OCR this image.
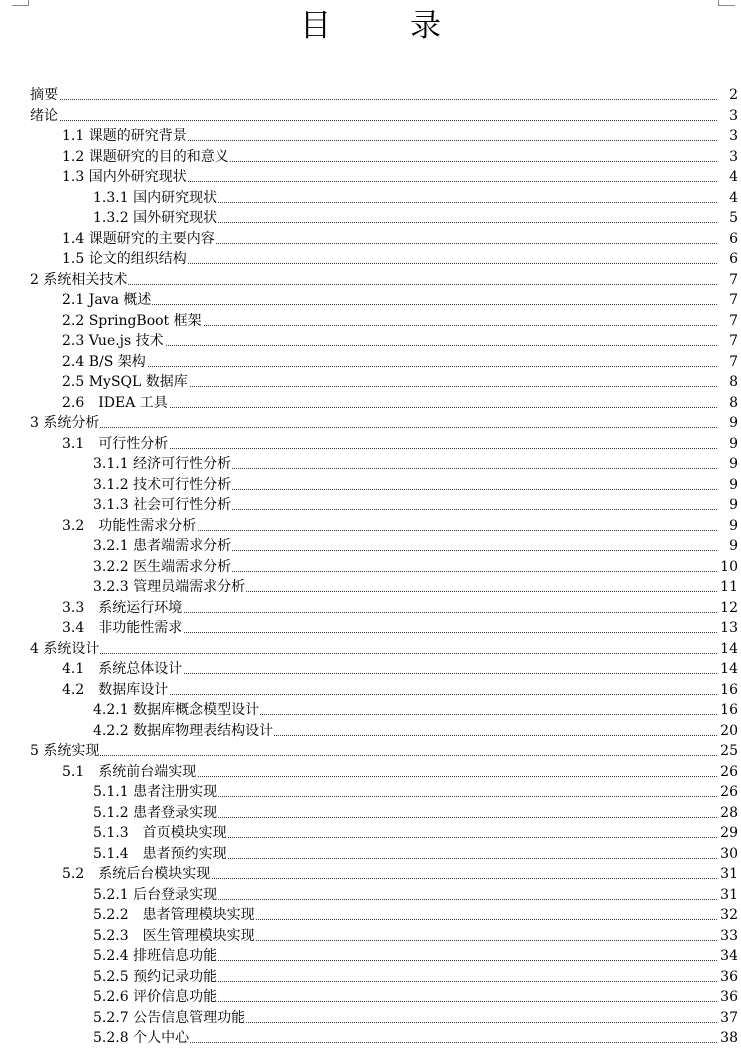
目　录
摘要	2
绪论	3
1.1 课题的研究背景	3
1.2 课题研究的目的和意义	3
1.3 国内外研究现状	4
1.3.1 国内研究现状	4
1.3.2 国外研究现状	5
1.4 课题研究的主要内容	6
1.5 论文的组织结构	6
2 系统相关技术	7
2.1 Java 概述	7
2.2 SpringBoot 框架	7
2.3 Vue.js 技术	7
2.4 B/S 架构	7
2.5 MySQL 数据库	8
2.6　IDEA 工具	8
3 系统分析	9
3.1　可行性分析	9
3.1.1 经济可行性分析	9
3.1.2 技术可行性分析	9
3.1.3 社会可行性分析	9
3.2　功能性需求分析	9
3.2.1 患者端需求分析	9
3.2.2 医生端需求分析	10
3.2.3 管理员端需求分析	11
3.3　系统运行环境	12
3.4　非功能性需求	13
4 系统设计	14
4.1　系统总体设计	14
4.2　数据库设计	16
4.2.1 数据库概念模型设计	16
4.2.2 数据库物理表结构设计	20
5 系统实现	25
5.1　系统前台端实现	26
5.1.1 患者注册实现	26
5.1.2 患者登录实现	28
5.1.3　首页模块实现	29
5.1.4　患者预约实现	30
5.2　系统后台模块实现	31
5.2.1 后台登录实现	31
5.2.2　患者管理模块实现	32
5.2.3　医生管理模块实现	33
5.2.4 排班信息功能	34
5.2.5 预约记录功能	36
5.2.6 评价信息功能	36
5.2.7 公告信息管理功能	37
5.2.8 个人中心	38
